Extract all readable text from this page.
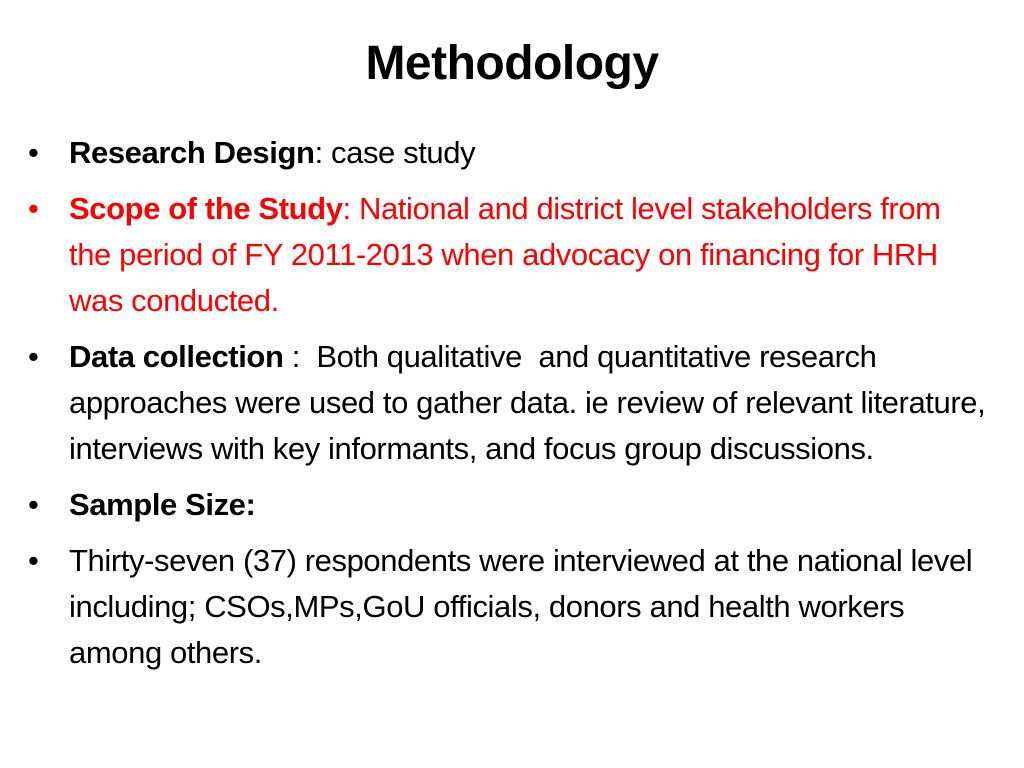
Methodology
• Research Design: case study
• Scope of the Study: National and district level stakeholders from the period of FY 2011-2013 when advocacy on financing for HRH was conducted.
• Data collection :  Both qualitative  and quantitative research approaches were used to gather data. ie review of relevant literature, interviews with key informants, and focus group discussions.
• Sample Size:
• Thirty-seven (37) respondents were interviewed at the national level including; CSOs,MPs,GoU officials, donors and health workers among others.
